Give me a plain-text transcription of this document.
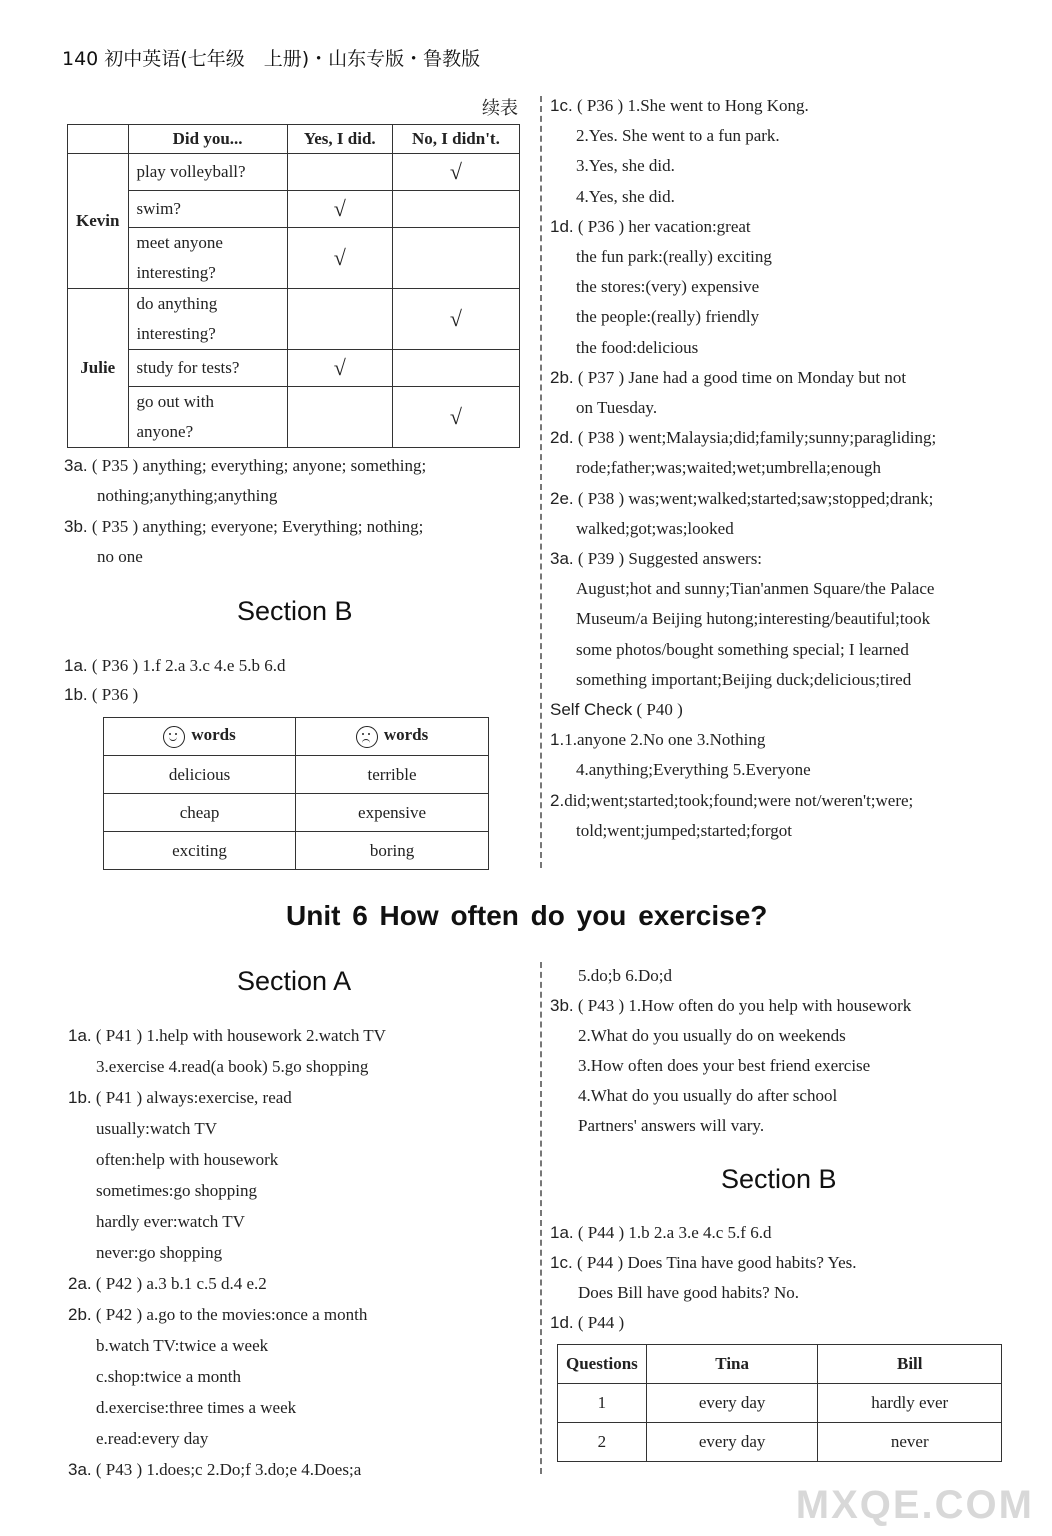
140 初中英语(七年级　上册)・山东专版・鲁教版
续表
	Did you...	Yes, I did.	No, I didn't.
Kevin	play volleyball?		√

	swim?	√	

	meet anyone
interesting?	√	
Julie	do anything
interesting?		√

	study for tests?	√	

	go out with
anyone?		√
3a. ( P35 ) anything; everything; anyone; something;
nothing;anything;anything
3b. ( P35 ) anything; everyone; Everything; nothing;
no one
Section B
1a. ( P36 ) 1.f 2.a 3.c 4.e 5.b 6.d
1b. ( P36 )
words	words
delicious	terrible
cheap	expensive
exciting	boring
1c. ( P36 ) 1.She went to Hong Kong.
2.Yes. She went to a fun park.
3.Yes, she did.
4.Yes, she did.
1d. ( P36 ) her vacation:great
the fun park:(really) exciting
the stores:(very) expensive
the people:(really) friendly
the food:delicious
2b. ( P37 ) Jane had a good time on Monday but not
on Tuesday.
2d. ( P38 ) went;Malaysia;did;family;sunny;paragliding;
rode;father;was;waited;wet;umbrella;enough
2e. ( P38 ) was;went;walked;started;saw;stopped;drank;
walked;got;was;looked
3a. ( P39 ) Suggested answers:
August;hot and sunny;Tian'anmen Square/the Palace
Museum/a Beijing hutong;interesting/beautiful;took
some photos/bought something special; I learned
something important;Beijing duck;delicious;tired
Self Check ( P40 )
1.1.anyone 2.No one 3.Nothing
4.anything;Everything 5.Everyone
2.did;went;started;took;found;were not/weren't;were;
told;went;jumped;started;forgot
Unit 6 How often do you exercise?
Section A
1a. ( P41 ) 1.help with housework 2.watch TV
3.exercise 4.read(a book) 5.go shopping
1b. ( P41 ) always:exercise, read
usually:watch TV
often:help with housework
sometimes:go shopping
hardly ever:watch TV
never:go shopping
2a. ( P42 ) a.3 b.1 c.5 d.4 e.2
2b. ( P42 ) a.go to the movies:once a month
b.watch TV:twice a week
c.shop:twice a month
d.exercise:three times a week
e.read:every day
3a. ( P43 ) 1.does;c 2.Do;f 3.do;e 4.Does;a
5.do;b 6.Do;d
3b. ( P43 ) 1.How often do you help with housework
2.What do you usually do on weekends
3.How often does your best friend exercise
4.What do you usually do after school
Partners' answers will vary.
Section B
1a. ( P44 ) 1.b 2.a 3.e 4.c 5.f 6.d
1c. ( P44 ) Does Tina have good habits? Yes.
Does Bill have good habits? No.
1d. ( P44 )
Questions	Tina	Bill
1	every day	hardly ever
2	every day	never
MXQE.COM
